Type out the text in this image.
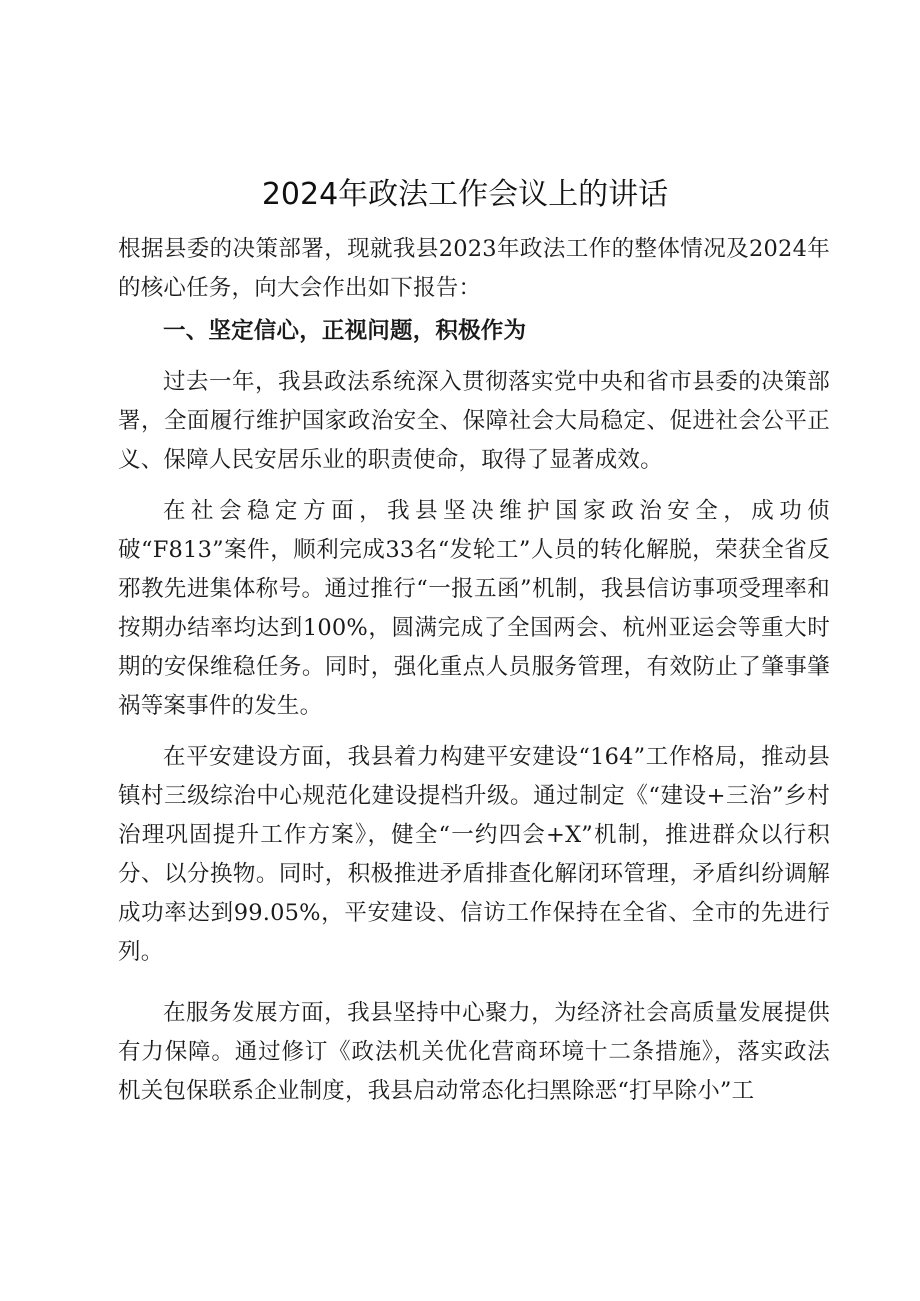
2024年政法工作会议上的讲话

根据县委的决策部署，现就我县2023年政法工作的整体情况及2024年的核心任务，向大会作出如下报告：

一、坚定信心，正视问题，积极作为

过去一年，我县政法系统深入贯彻落实党中央和省市县委的决策部署，全面履行维护国家政治安全、保障社会大局稳定、促进社会公平正义、保障人民安居乐业的职责使命，取得了显著成效。

在社会稳定方面，我县坚决维护国家政治安全，成功侦破“F813”案件，顺利完成33名“发轮工”人员的转化解脱，荣获全省反邪教先进集体称号。通过推行“一报五函”机制，我县信访事项受理率和按期办结率均达到100%，圆满完成了全国两会、杭州亚运会等重大时期的安保维稳任务。同时，强化重点人员服务管理，有效防止了肇事肇祸等案事件的发生。

在平安建设方面，我县着力构建平安建设“164”工作格局，推动县镇村三级综治中心规范化建设提档升级。通过制定《“建设+三治”乡村治理巩固提升工作方案》，健全“一约四会+X”机制，推进群众以行积分、以分换物。同时，积极推进矛盾排查化解闭环管理，矛盾纠纷调解成功率达到99.05%，平安建设、信访工作保持在全省、全市的先进行列。

在服务发展方面，我县坚持中心聚力，为经济社会高质量发展提供有力保障。通过修订《政法机关优化营商环境十二条措施》，落实政法机关包保联系企业制度，我县启动常态化扫黑除恶“打早除小”工
